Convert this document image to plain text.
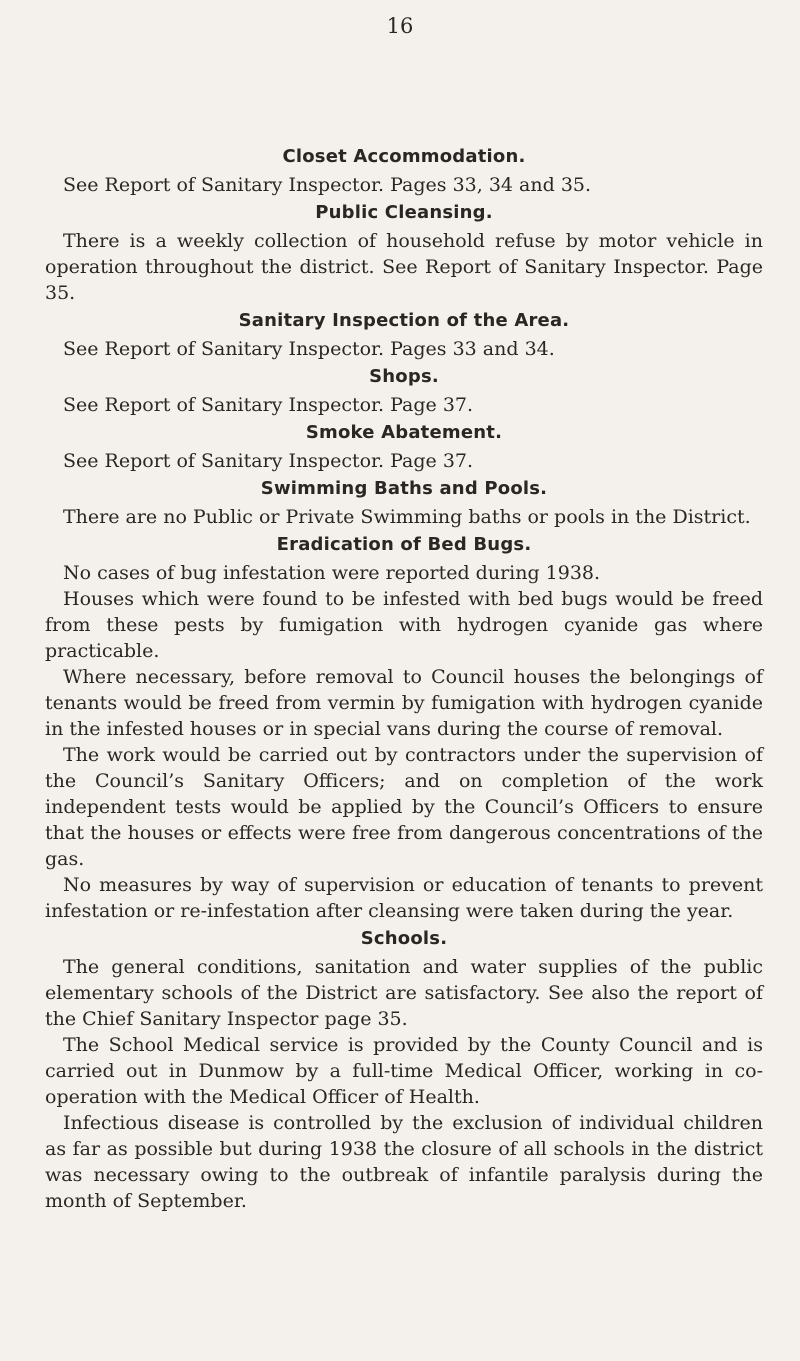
16
Closet Accommodation.

See Report of Sanitary Inspector. Pages 33, 34 and 35.

Public Cleansing.

There is a weekly collection of household refuse by motor vehicle in operation throughout the district. See Report of Sanitary Inspector. Page 35.

Sanitary Inspection of the Area.

See Report of Sanitary Inspector. Pages 33 and 34.

Shops.

See Report of Sanitary Inspector. Page 37.

Smoke Abatement.

See Report of Sanitary Inspector. Page 37.

Swimming Baths and Pools.

There are no Public or Private Swimming baths or pools in the District.

Eradication of Bed Bugs.

No cases of bug infestation were reported during 1938.

Houses which were found to be infested with bed bugs would be freed from these pests by fumigation with hydrogen cyanide gas where practicable.

Where necessary, before removal to Council houses the belongings of tenants would be freed from vermin by fumigation with hydrogen cyanide in the infested houses or in special vans during the course of removal.

The work would be carried out by contractors under the supervision of the Council’s Sanitary Officers; and on completion of the work independent tests would be applied by the Council’s Officers to ensure that the houses or effects were free from dangerous concentrations of the gas.

No measures by way of supervision or education of tenants to prevent infestation or re-infestation after cleansing were taken during the year.

Schools.

The general conditions, sanitation and water supplies of the public elementary schools of the District are satisfactory. See also the report of the Chief Sanitary Inspector page 35.

The School Medical service is provided by the County Council and is carried out in Dunmow by a full-time Medical Officer, working in co-operation with the Medical Officer of Health.

Infectious disease is controlled by the exclusion of individual children as far as possible but during 1938 the closure of all schools in the district was necessary owing to the outbreak of infantile paralysis during the month of September.
